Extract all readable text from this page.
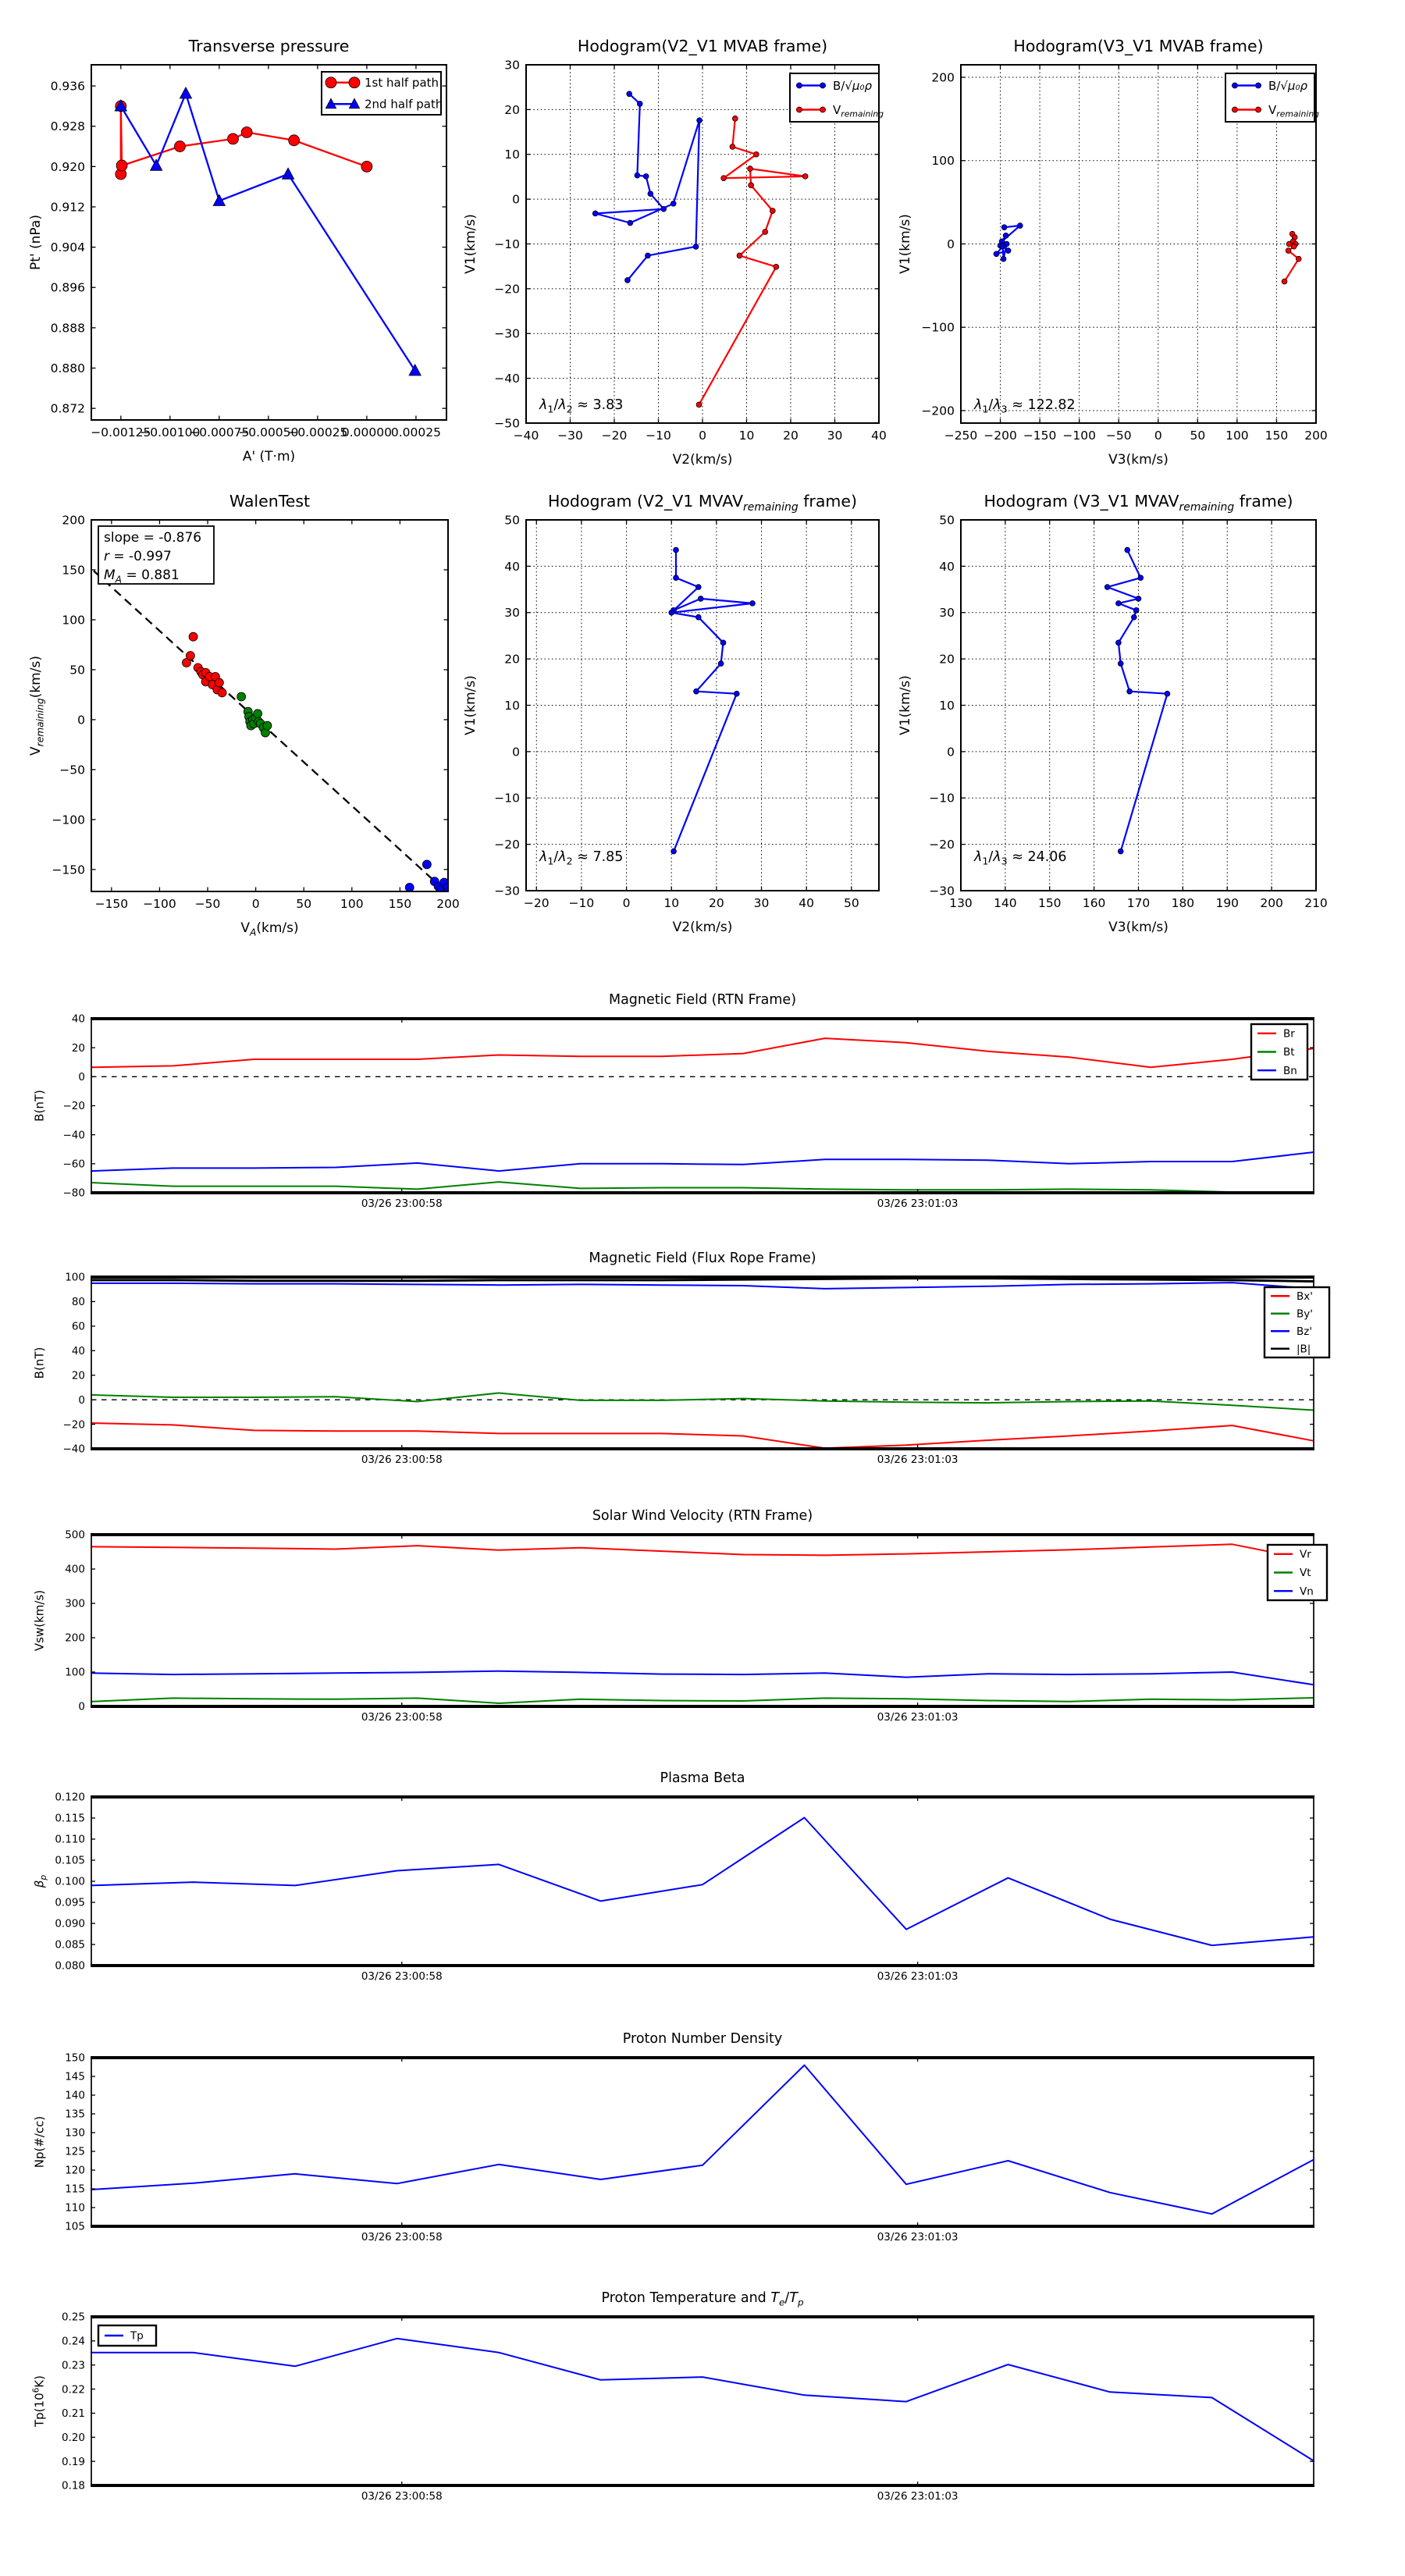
−0.00125
−0.00100
−0.00075
−0.00050
−0.00025
0.00000
0.00025
0.872
0.880
0.888
0.896
0.904
0.912
0.920
0.928
0.936
A' (T·m)
Pt' (nPa)
1st half path
2nd half path
−40 −30 −20 −10 0	10 20 30 40
−50
−40
−30
−20
−10
0
10
20
30
V2(km/s)
V1(km/s)
$\lambda_1/\lambda_2 \approx 3.83$
B/√μ₀ρ
$V_{remaining}$
−250 −200 −150 −100 −50 0 50 100 150 200
−200
−100
0
100
200
V3(km/s)
V1(km/s)
$\lambda_1/\lambda_3 \approx 122.82$
B/√μ₀ρ
$V_{remaining}$
−150 −100 −50	0	50 100 150 200
−150
−100
−50
0
50
100
150
200
$V_A(km/s)$
$V_{remaining}(km/s)$
slope = -0.876
r = -0.997
$M_A = 0.881$
−20 −10 0	10 20 30 40 50
−30
−20
−10
0
10
20
30
40
50
V2(km/s)
V1(km/s)
$\lambda_1/\lambda_2 \approx 7.85$
130 140 150 160 170 180 190 200 210
−30
−20
−10
0
10
20
30
40
50
V3(km/s)
V1(km/s)
$\lambda_1/\lambda_3 \approx 24.06$
03/26 23:00:58	03/26 23:01:03
−80
−60
−40
−20
0
20
40
B(nT)
Br
Bt
Bn
03/26 23:00:58	03/26 23:01:03
−40
−20
0
20
40
60
80
100
B(nT)
Bx'
By'
Bz'
|B|
03/26 23:00:58	03/26 23:01:03
0
100
200
300
400
500
Vsw(km/s)
Vr
Vt
Vn
03/26 23:00:58	03/26 23:01:03
0.080
0.085
0.090
0.095
0.100
0.105
0.110
0.115
0.120
$\beta_p$
03/26 23:00:58	03/26 23:01:03
105
110
115
120
125
130
135
140
145
150
Np(#/cc)
03/26 23:00:58	03/26 23:01:03
0.18
0.19
0.20
0.21
0.22
0.23
0.24
0.25
$Tp(10^6K)$
Tp
Transverse pressure	Hodogram(V2_V1 MVAB frame)	Hodogram(V3_V1 MVAB frame)
WalenTest	Hodogram (V2_V1 $MVAV_{remaining}$ frame)	Hodogram (V3_V1 $MVAV_{remaining}$ frame)
Magnetic Field (RTN Frame)
Magnetic Field (Flux Rope Frame)
Solar Wind Velocity (RTN Frame)
Plasma Beta
Proton Number Density
Proton Temperature and $T_e/T_p$
